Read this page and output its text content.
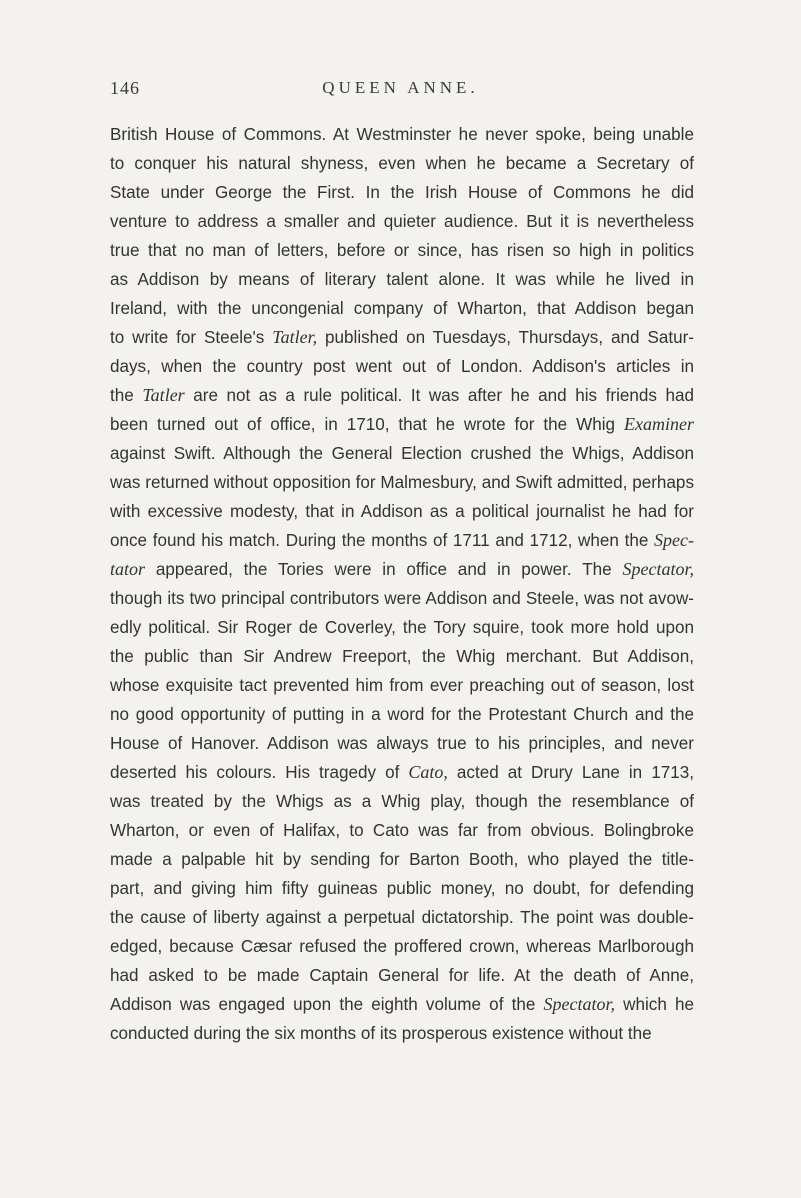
146	QUEEN ANNE.
British House of Commons. At Westminster he never spoke, being unable
to conquer his natural shyness, even when he became a Secretary of
State under George the First. In the Irish House of Commons he did
venture to address a smaller and quieter audience. But it is nevertheless
true that no man of letters, before or since, has risen so high in politics
as Addison by means of literary talent alone. It was while he lived in
Ireland, with the uncongenial company of Wharton, that Addison began
to write for Steele's Tatler, published on Tuesdays, Thursdays, and Satur-
days, when the country post went out of London. Addison's articles in
the Tatler are not as a rule political. It was after he and his friends had
been turned out of office, in 1710, that he wrote for the Whig Examiner
against Swift. Although the General Election crushed the Whigs, Addison
was returned without opposition for Malmesbury, and Swift admitted, perhaps
with excessive modesty, that in Addison as a political journalist he had for
once found his match. During the months of 1711 and 1712, when the Spec-
tator appeared, the Tories were in office and in power. The Spectator,
though its two principal contributors were Addison and Steele, was not avow-
edly political. Sir Roger de Coverley, the Tory squire, took more hold upon
the public than Sir Andrew Freeport, the Whig merchant. But Addison,
whose exquisite tact prevented him from ever preaching out of season, lost
no good opportunity of putting in a word for the Protestant Church and the
House of Hanover. Addison was always true to his principles, and never
deserted his colours. His tragedy of Cato, acted at Drury Lane in 1713,
was treated by the Whigs as a Whig play, though the resemblance of
Wharton, or even of Halifax, to Cato was far from obvious. Bolingbroke
made a palpable hit by sending for Barton Booth, who played the title-
part, and giving him fifty guineas public money, no doubt, for defending
the cause of liberty against a perpetual dictatorship. The point was double-
edged, because Cæsar refused the proffered crown, whereas Marlborough
had asked to be made Captain General for life. At the death of Anne,
Addison was engaged upon the eighth volume of the Spectator, which he
conducted during the six months of its prosperous existence without the
